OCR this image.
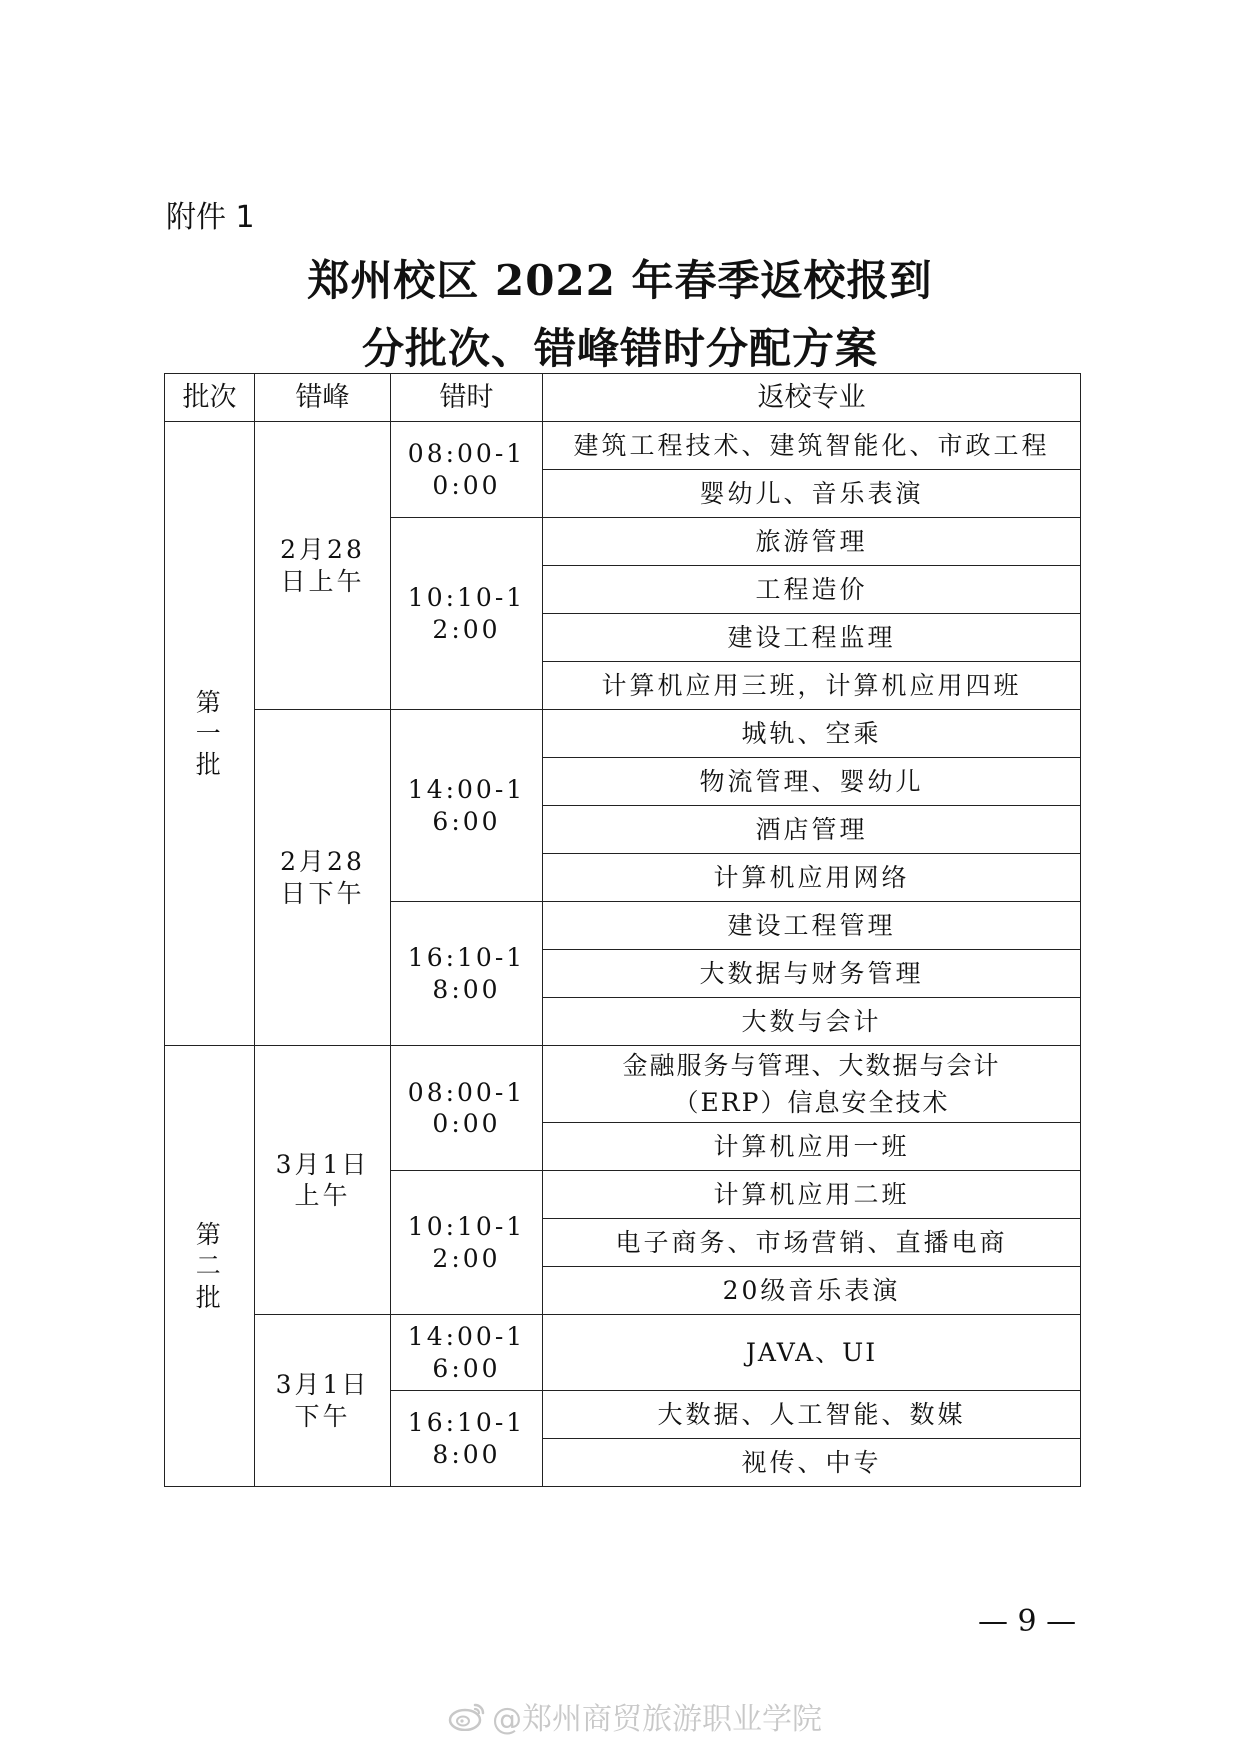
附件 1
郑州校区 2022 年春季返校报到
分批次、错峰错时分配方案
批次	错峰	错时	返校专业

第一批	2月28日上午	08:00-10:00	建筑工程技术、建筑智能化、市政工程
			婴幼儿、音乐表演

		10:10-12:00	旅游管理
			工程造价
			建设工程监理
			计算机应用三班，计算机应用四班

	2月28日下午	14:00-16:00	城轨、空乘
			物流管理、婴幼儿
			酒店管理
			计算机应用网络

		16:10-18:00	建设工程管理
			大数据与财务管理
			大数与会计

第二批	3月1日上午	08:00-10:00	金融服务与管理、大数据与会计（ERP）信息安全技术

			计算机应用一班

		10:10-12:00	计算机应用二班
			电子商务、市场营销、直播电商
			20级音乐表演

	3月1日下午	14:00-16:00	JAVA、UI

		16:10-18:00	大数据、人工智能、数媒
			视传、中专
— 9 —
@郑州商贸旅游职业学院
